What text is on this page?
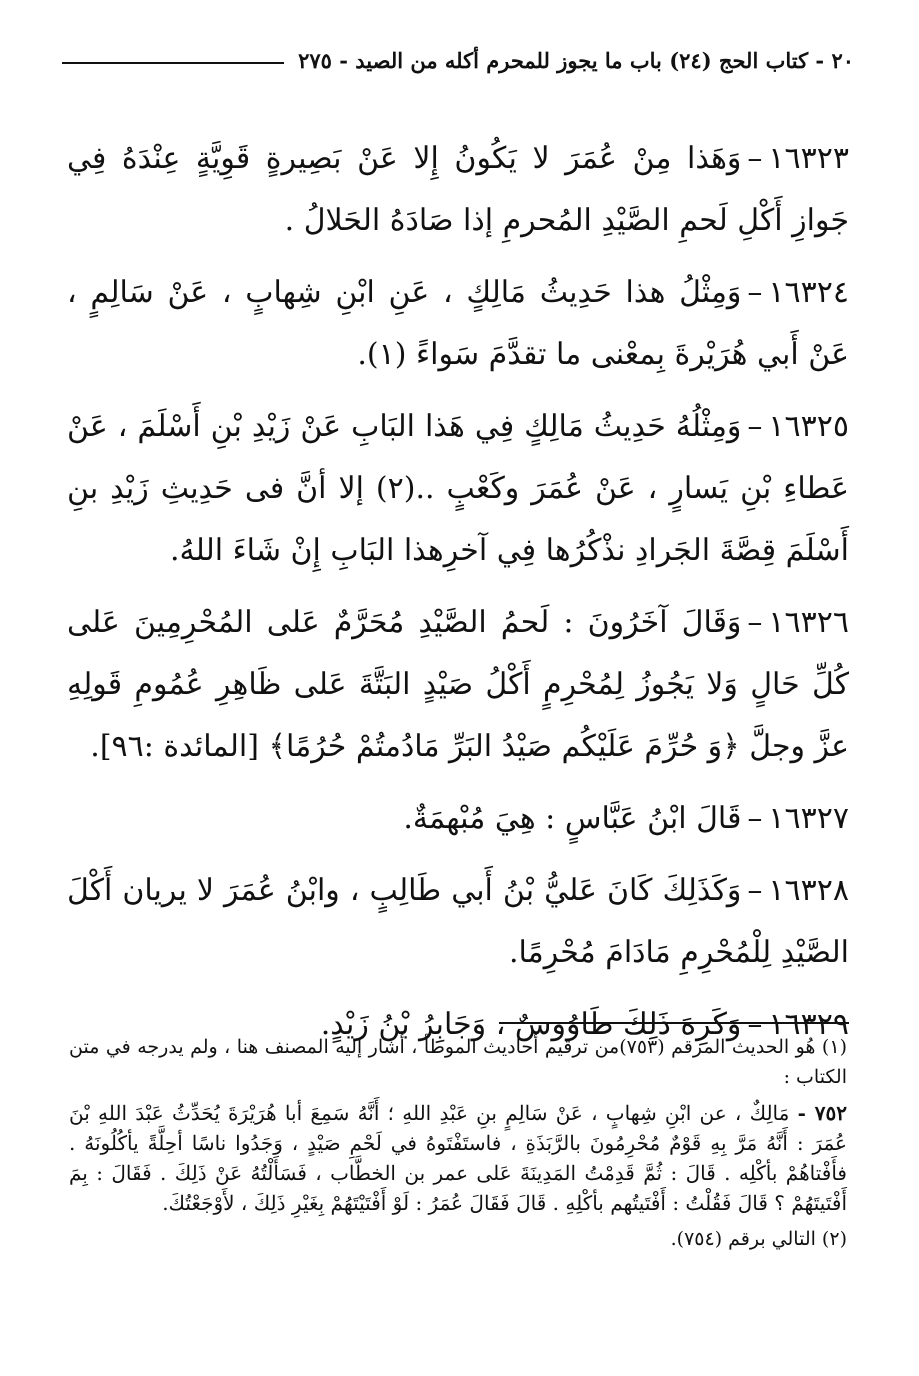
٢٠ - كتاب الحج (٢٤) باب ما يجوز للمحرم أكله من الصيد - ٢٧٥

١٦٣٢٣–وَهَذا مِنْ عُمَرَ لا يَكُونُ إِلا عَنْ بَصِيرةٍ قَوِيَّةٍ عِنْدَهُ فِي جَوازِ أَكْلِ لَحمِ الصَّيْدِ المُحرمِ إذا صَادَهُ الحَلالُ .

١٦٣٢٤–وَمِثْلُ هذا حَدِيثُ مَالِكٍ ، عَنِ ابْنِ شِهابٍ ، عَنْ سَالِمٍ ، عَنْ أَبي هُرَيْرةَ بِمعْنى ما تقدَّمَ سَواءً (١).

١٦٣٢٥–وَمِثْلُهُ حَدِيثُ مَالِكٍ فِي هَذا البَابِ عَنْ زَيْدِ بْنِ أَسْلَمَ ، عَنْ عَطاءِ بْنِ يَسارٍ ، عَنْ عُمَرَ وكَعْبٍ ..(٢) إلا أنَّ فى حَدِيثِ زَيْدِ بنِ أَسْلَمَ قِصَّةَ الجَرادِ نذْكُرُها فِي آخرِهذا البَابِ إِنْ شَاءَ اللهُ.

١٦٣٢٦–وَقَالَ آخَرُونَ : لَحمُ الصَّيْدِ مُحَرَّمٌ عَلى المُحْرِمِينَ عَلى كُلِّ حَالٍ وَلا يَجُوزُ لِمُحْرِمٍ أَكْلُ صَيْدٍ البَتَّةَ عَلى ظَاهِرِ عُمُومِ قَولِهِ عزَّ وجلَّ ﴿وَ حُرِّمَ عَلَيْكُم صَيْدُ البَرِّ مَادُمتُمْ حُرُمًا﴾ [المائدة :٩٦].

١٦٣٢٧–قَالَ ابْنُ عَبَّاسٍ : هِيَ مُبْهمَةٌ.

١٦٣٢٨–وَكَذَلِكَ كَانَ عَليُّ بْنُ أَبي طَالِبٍ ، وابْنُ عُمَرَ لا يريان أَكْلَ الصَّيْدِ لِلْمُحْرِمِ مَادَامَ مُحْرِمًا.

١٦٣٢٩–وَكَرِهَ ذَلِكَ طَاوُوسٌ ، وَجَابِرُ بْنُ زَيْدٍ.

(١) هُو الحديث المرقم (٧٥٣)من ترقيم أحاديث الموطأ ، أشار إليه المصنف هنا ، ولم يدرجه في متن الكتاب :

٧٥٢ - مَالِكٌ ، عن ابْنِ شِهابٍ ، عَنْ سَالِمٍ بنِ عَبْدِ اللهِ ؛ أَنَّهُ سَمِعَ أبا هُرَيْرَةَ يُحَدِّثُ عَبْدَ اللهِ بْنَ عُمَرَ : أَنَّهُ مَرَّ بِهِ قَوْمٌ مُحْرِمُونَ بالرَّبَذَةِ ، فاستَفْتَوهُ في لَحْمِ صَيْدٍ ، وَجَدُوا ناسًا أحِلَّةً يأكُلُونَهُ . فأَفْتاهُمْ بأكْلِه . قَالَ : ثُمَّ قَدِمْتُ المَدِينَةَ عَلى عمر بن الخطَّاب ، فَسَأَلْتُهُ عَنْ ذَلِكَ . فَقَالَ : بِمَ أَفْتَيتَهُمْ ؟ قَالَ فَقُلْتُ : أَفْتَيتُهم بأكْلِهِ . قَالَ فَقَالَ عُمَرُ : لَوْ أَفْتَيْتَهُمْ بِغَيْرِ ذَلِكَ ، لأَوْجَعْتُكَ.

(٢) التالي برقم (٧٥٤).
